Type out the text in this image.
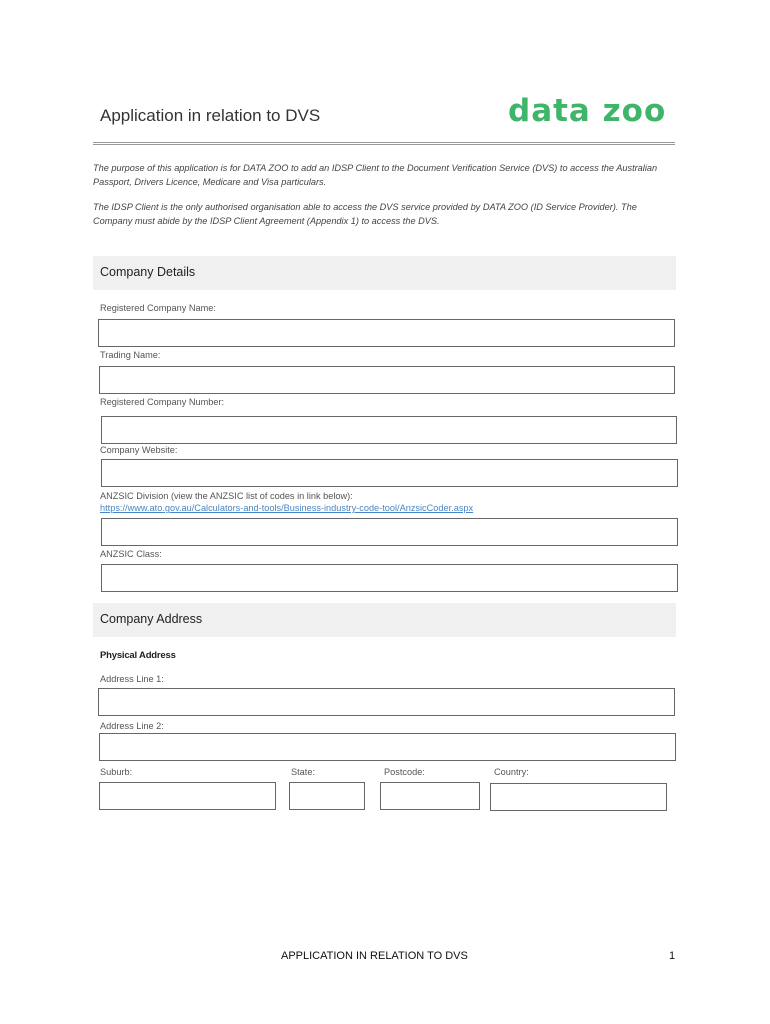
Application in relation to DVS	data zoo
The purpose of this application is for DATA ZOO to add an IDSP Client to the Document Verification Service (DVS) to access the Australian Passport, Drivers Licence, Medicare and Visa particulars.
The IDSP Client is the only authorised organisation able to access the DVS service provided by DATA ZOO (ID Service Provider). The Company must abide by the IDSP Client Agreement (Appendix 1) to access the DVS.
Company Details
Registered Company Name:
Trading Name:
Registered Company Number:
Company Website:
ANZSIC Division (view the ANZSIC list of codes in link below):
https://www.ato.gov.au/Calculators-and-tools/Business-industry-code-tool/AnzsicCoder.aspx
ANZSIC Class:
Company Address
Physical Address
Address Line 1:
Address Line 2:
Suburb:	State:	Postcode:	Country:
APPLICATION IN RELATION TO DVS	1
